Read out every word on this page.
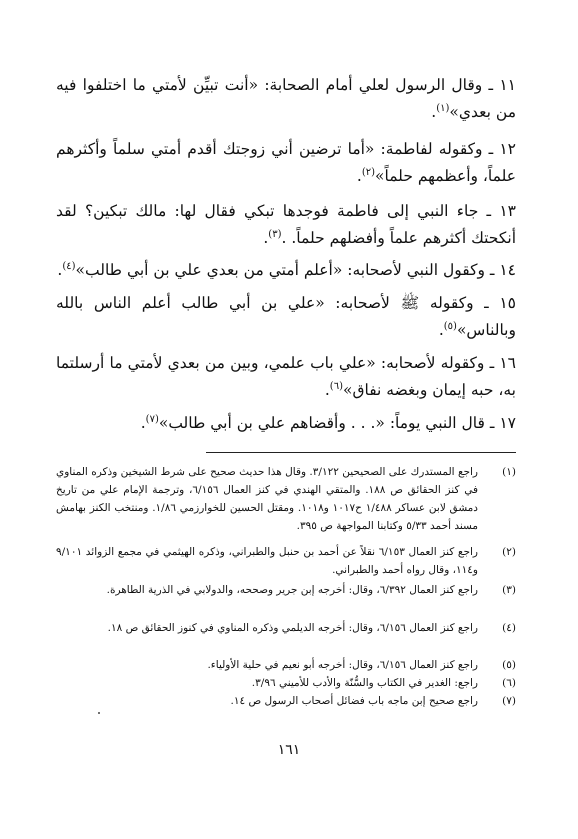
١١ ـ وقال الرسول لعلي أمام الصحابة: «أنت تبيِّن لأمتي ما اختلفوا فيه من بعدي»$^{(١)}$.

١٢ ـ وكقوله لفاطمة: «أما ترضين أني زوجتك أقدم أمتي سلماً وأكثرهم علماً، وأعظمهم حلماً»$^{(٢)}$.

١٣ ـ جاء النبي إلى فاطمة فوجدها تبكي فقال لها: مالك تبكين؟ لقد أنكحتك أكثرهم علماً وأفضلهم حلماً. .$^{(٣)}$.

١٤ ـ وكقول النبي لأصحابه: «أعلم أمتي من بعدي علي بن أبي طالب»$^{(٤)}$.

١٥ ـ وكقوله ﷺ لأصحابه: «علي بن أبي طالب أعلم الناس بالله وبالناس»$^{(٥)}$.

١٦ ـ وكقوله لأصحابه: «علي باب علمي، وبين من بعدي لأمتي ما أرسلتما به، حبه إيمان وبغضه نفاق»$^{(٦)}$.

١٧ ـ قال النبي يوماً: «. . . وأقضاهم علي بن أبي طالب»$^{(٧)}$.

(١)
راجع المستدرك على الصحيحين ٣/١٢٢. وقال هذا حديث صحيح على شرط الشيخين وذكره المناوي في كنز الحقائق ص ١٨٨. والمتقي الهندي في كنز العمال ٦/١٥٦، وترجمة الإمام علي من تاريخ دمشق لابن عساكر ١/٤٨٨ ح١٠١٧ و١٠١٨. ومقتل الحسين للخوارزمي ١/٨٦. ومنتخب الكنز بهامش مسند أحمد ٥/٣٣ وكتابنا المواجهة ص ٣٩٥.
(٢)
راجع كنز العمال ٦/١٥٣ نقلاً عن أحمد بن حنبل والطبراني، وذكره الهيثمي في مجمع الزوائد ٩/١٠١ و١١٤، وقال رواه أحمد والطبراني.
(٣)
راجع كنز العمال ٦/٣٩٢، وقال: أخرجه إبن جرير وصححه، والدولابي في الذرية الطاهرة.
(٤)
راجع كنز العمال ٦/١٥٦، وقال: أخرجه الديلمي وذكره المناوي في كنوز الحقائق ص ١٨.
(٥)
راجع كنز العمال ٦/١٥٦، وقال: أخرجه أبو نعيم في حلية الأولياء.
(٦)
راجع: الغدير في الكتاب والسُّنّة والأدب للأميني ٣/٩٦.
(٧)
راجع صحيح إبن ماجه باب فضائل أصحاب الرسول ص ١٤.
١٦١
